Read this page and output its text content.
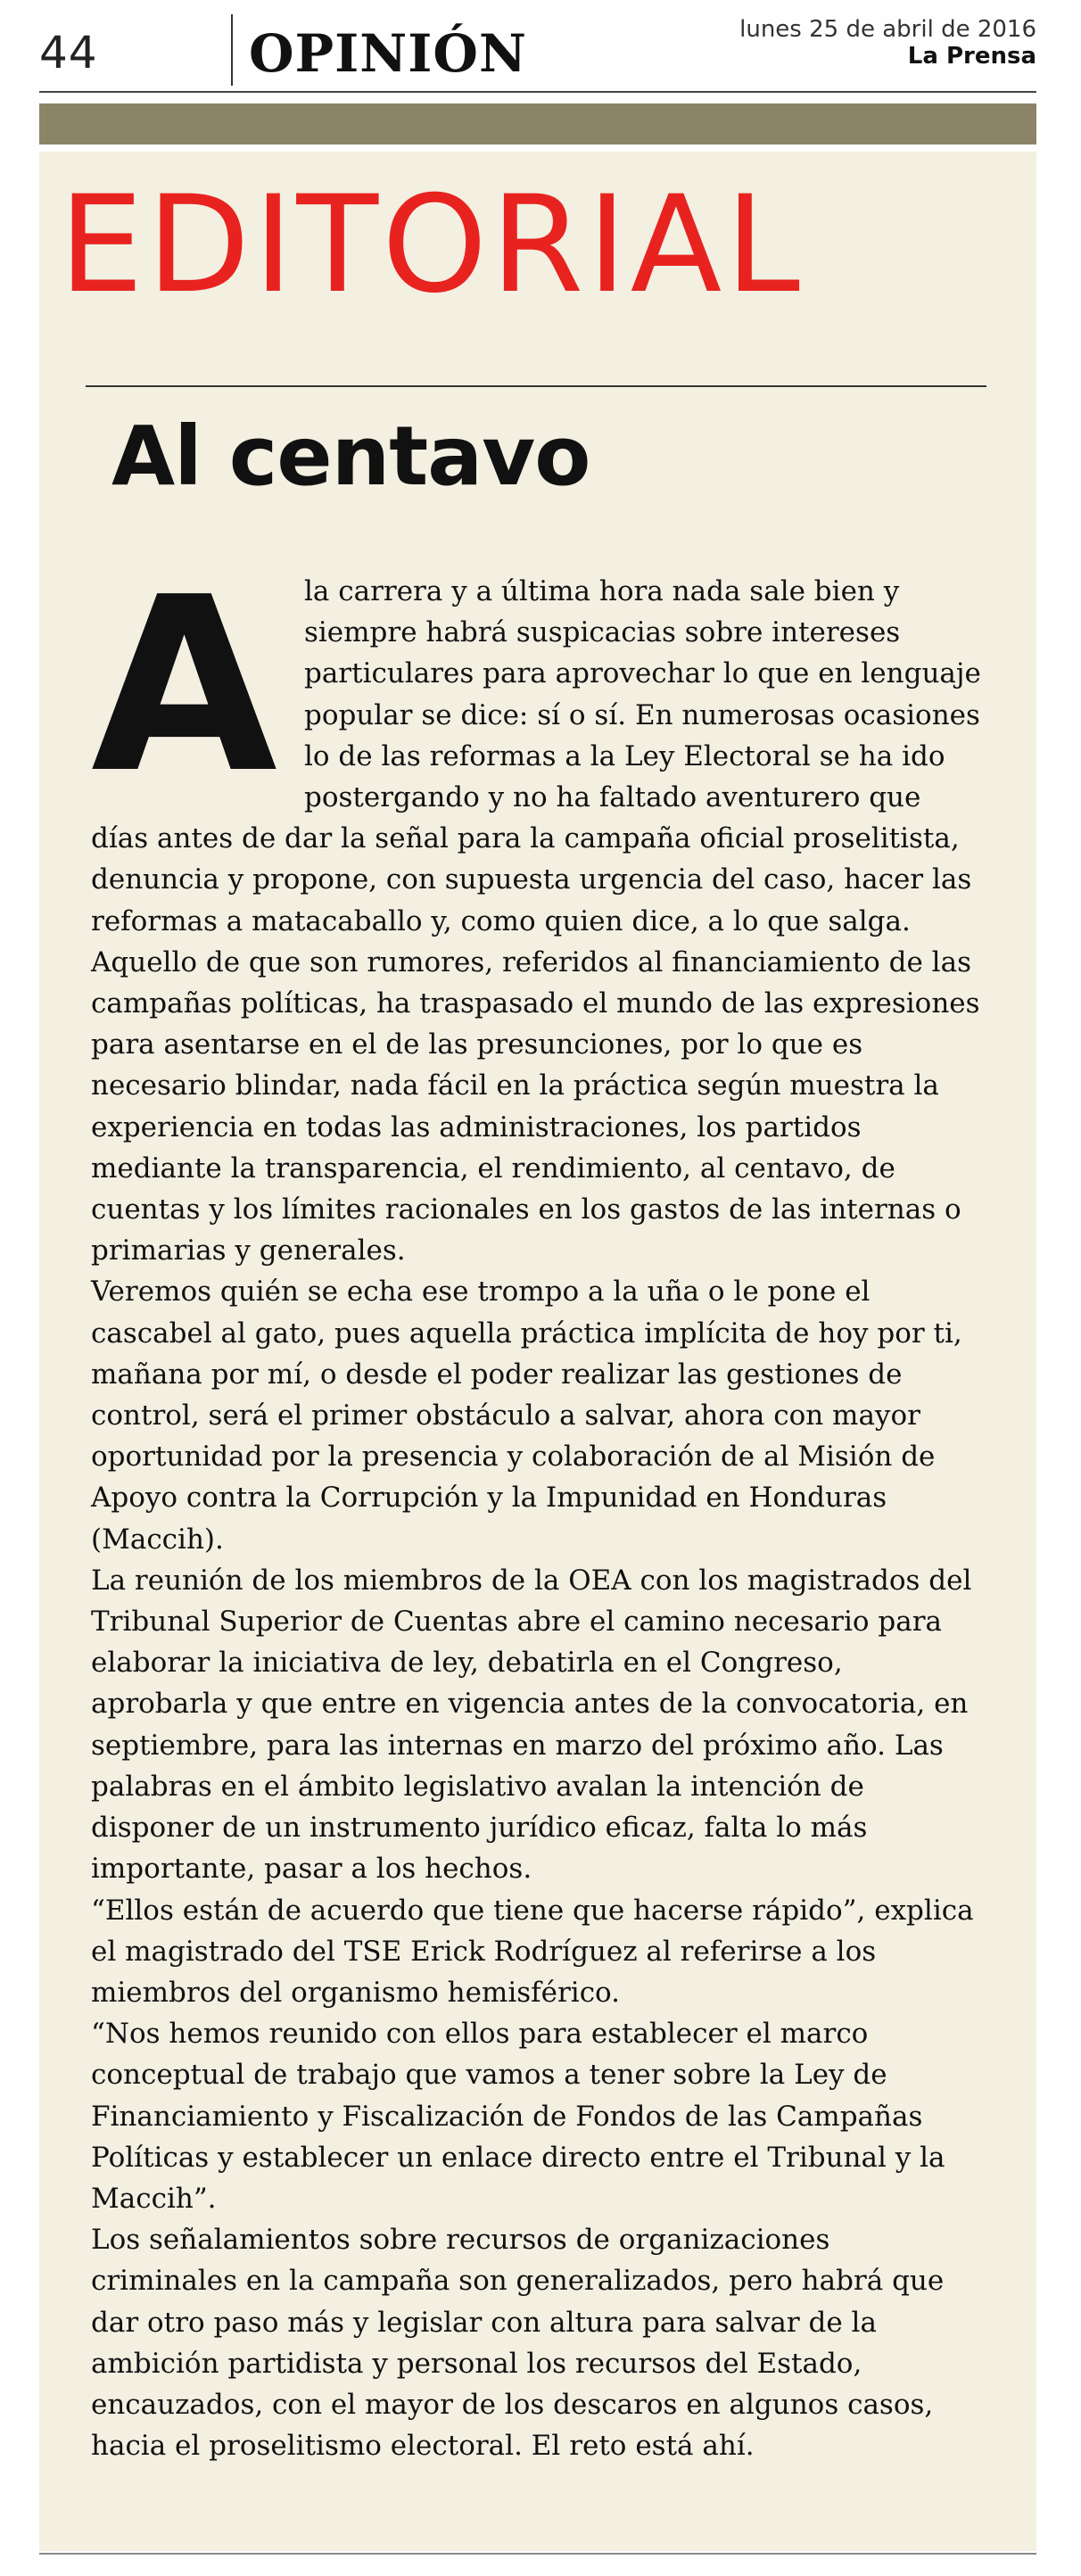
44	OPINIÓN	lunes 25 de abril de 2016
La Prensa
EDITORIAL
Al centavo
A la carrera y a última hora nada sale bien y siempre habrá suspicacias sobre intereses particulares para aprovechar lo que en lenguaje popular se dice: sí o sí. En numerosas ocasiones lo de las reformas a la Ley Electoral se ha ido postergando y no ha faltado aventurero que días antes de dar la señal para la campaña oficial proselitista, denuncia y propone, con supuesta urgencia del caso, hacer las reformas a matacaballo y, como quien dice, a lo que salga.

Aquello de que son rumores, referidos al financiamiento de las campañas políticas, ha traspasado el mundo de las expresiones para asentarse en el de las presunciones, por lo que es necesario blindar, nada fácil en la práctica según muestra la experiencia en todas las administraciones, los partidos mediante la transparencia, el rendimiento, al centavo, de cuentas y los límites racionales en los gastos de las internas o primarias y generales.

Veremos quién se echa ese trompo a la uña o le pone el cascabel al gato, pues aquella práctica implícita de hoy por ti, mañana por mí, o desde el poder realizar las gestiones de control, será el primer obstáculo a salvar, ahora con mayor oportunidad por la presencia y colaboración de al Misión de Apoyo contra la Corrupción y la Impunidad en Honduras (Maccih).

La reunión de los miembros de la OEA con los magistrados del Tribunal Superior de Cuentas abre el camino necesario para elaborar la iniciativa de ley, debatirla en el Congreso, aprobarla y que entre en vigencia antes de la convocatoria, en septiembre, para las internas en marzo del próximo año. Las palabras en el ámbito legislativo avalan la intención de disponer de un instrumento jurídico eficaz, falta lo más importante, pasar a los hechos.

“Ellos están de acuerdo que tiene que hacerse rápido”, explica el magistrado del TSE Erick Rodríguez al referirse a los miembros del organismo hemisférico.

“Nos hemos reunido con ellos para establecer el marco conceptual de trabajo que vamos a tener sobre la Ley de Financiamiento y Fiscalización de Fondos de las Campañas Políticas y establecer un enlace directo entre el Tribunal y la Maccih”.

Los señalamientos sobre recursos de organizaciones criminales en la campaña son generalizados, pero habrá que dar otro paso más y legislar con altura para salvar de la ambición partidista y personal los recursos del Estado, encauzados, con el mayor de los descaros en algunos casos, hacia el proselitismo electoral. El reto está ahí.
